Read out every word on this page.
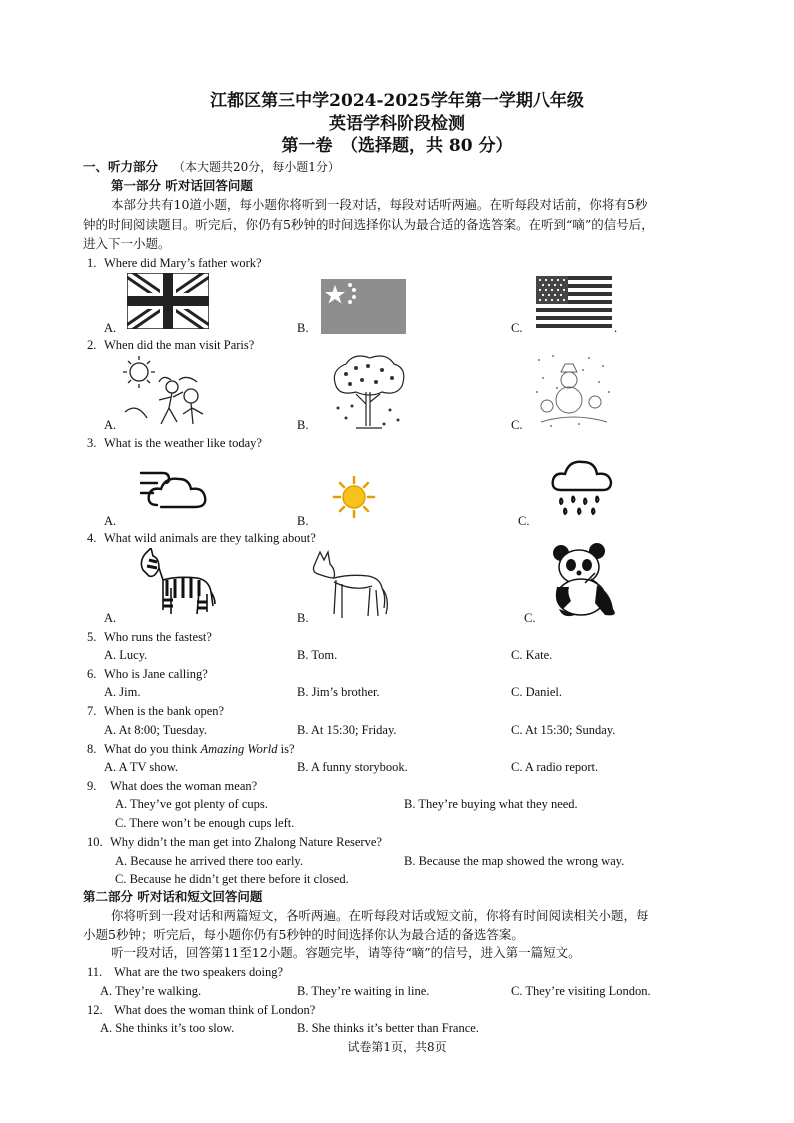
江都区第三中学2024-2025学年第一学期八年级
英语学科阶段检测
第一卷　（选择题，共 80 分）
一、听力部分 （本大题共20分，每小题1分）
第一部分 听对话回答问题
本部分共有10道小题，每小题你将听到一段对话，每段对话听两遍。在听每段对话前，你将有5秒
钟的时间阅读题目。听完后，你仍有5秒钟的时间选择你认为最合适的备选答案。在听到“嘀”的信号后，
进入下一小题。
1. Where did Mary’s father work?
A.	B.	C.	.
2. When did the man visit Paris?
A.	B.	C.
3. What is the weather like today?
A.	B.	C.
4. What wild animals are they talking about?
A.	B.	C.
5. Who runs the fastest?
A. Lucy.	B. Tom.	C. Kate.
6. Who is Jane calling?
A. Jim.	B. Jim’s brother.	C. Daniel.
7. When is the bank open?
A. At 8:00; Tuesday.	B. At 15:30; Friday.	C. At 15:30; Sunday.
8. What do you think Amazing World is?
A. A TV show.	B. A funny storybook.	C. A radio report.
9. What does the woman mean?
A. They’ve got plenty of cups.	B. They’re buying what they need.
C. There won’t be enough cups left.
10. Why didn’t the man get into Zhalong Nature Reserve?
A. Because he arrived there too early.	B. Because the map showed the wrong way.
C. Because he didn’t get there before it closed.
第二部分 听对话和短文回答问题
你将听到一段对话和两篇短文，各听两遍。在听每段对话或短文前，你将有时间阅读相关小题，每
小题5秒钟；听完后，每小题你仍有5秒钟的时间选择你认为最合适的备选答案。
听一段对话，回答第11至12小题。容题完毕，请等待“嘀”的信号，进入第一篇短文。
11. What are the two speakers doing?
A. They’re walking.	B. They’re waiting in line.	C. They’re visiting London.
12. What does the woman think of London?
A. She thinks it’s too slow.	B. She thinks it’s better than France.
试卷第1页，共8页
